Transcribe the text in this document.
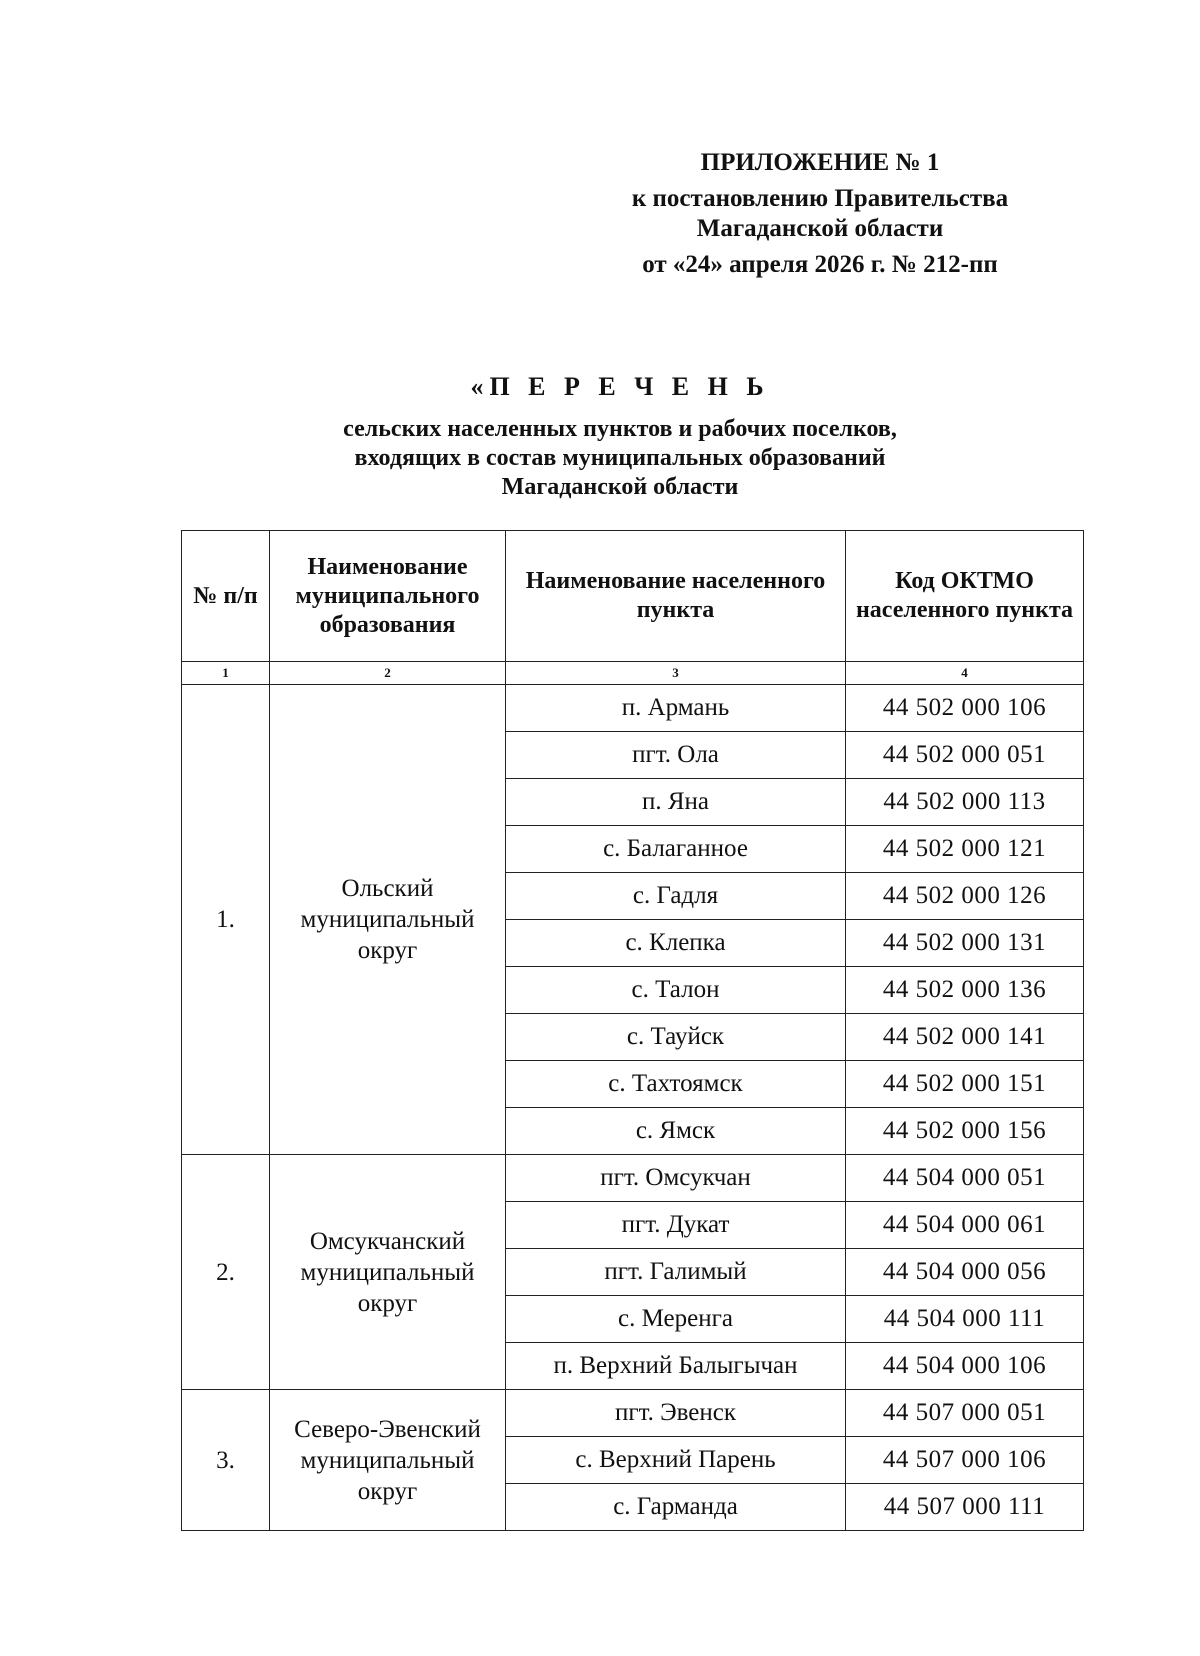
ПРИЛОЖЕНИЕ № 1
к постановлению Правительства
Магаданской области
от «24» апреля 2026 г. № 212-пп
«П Е Р Е Ч Е Н Ь
сельских населенных пунктов и рабочих поселков,
входящих в состав муниципальных образований
Магаданской области
№ п/п	Наименование муниципального образования	Наименование населенного пункта	Код ОКТМО населенного пункта
1	2	3	4
1.	Ольский муниципальный округ	п. Армань	44 502 000 106
		пгт. Ола	44 502 000 051
		п. Яна	44 502 000 113
		с. Балаганное	44 502 000 121
		с. Гадля	44 502 000 126
		с. Клепка	44 502 000 131
		с. Талон	44 502 000 136
		с. Тауйск	44 502 000 141
		с. Тахтоямск	44 502 000 151
		с. Ямск	44 502 000 156
2.	Омсукчанский муниципальный округ	пгт. Омсукчан	44 504 000 051
		пгт. Дукат	44 504 000 061
		пгт. Галимый	44 504 000 056
		с. Меренга	44 504 000 111
		п. Верхний Балыгычан	44 504 000 106
3.	Северо-Эвенский муниципальный округ	пгт. Эвенск	44 507 000 051
		с. Верхний Парень	44 507 000 106
		с. Гарманда	44 507 000 111
